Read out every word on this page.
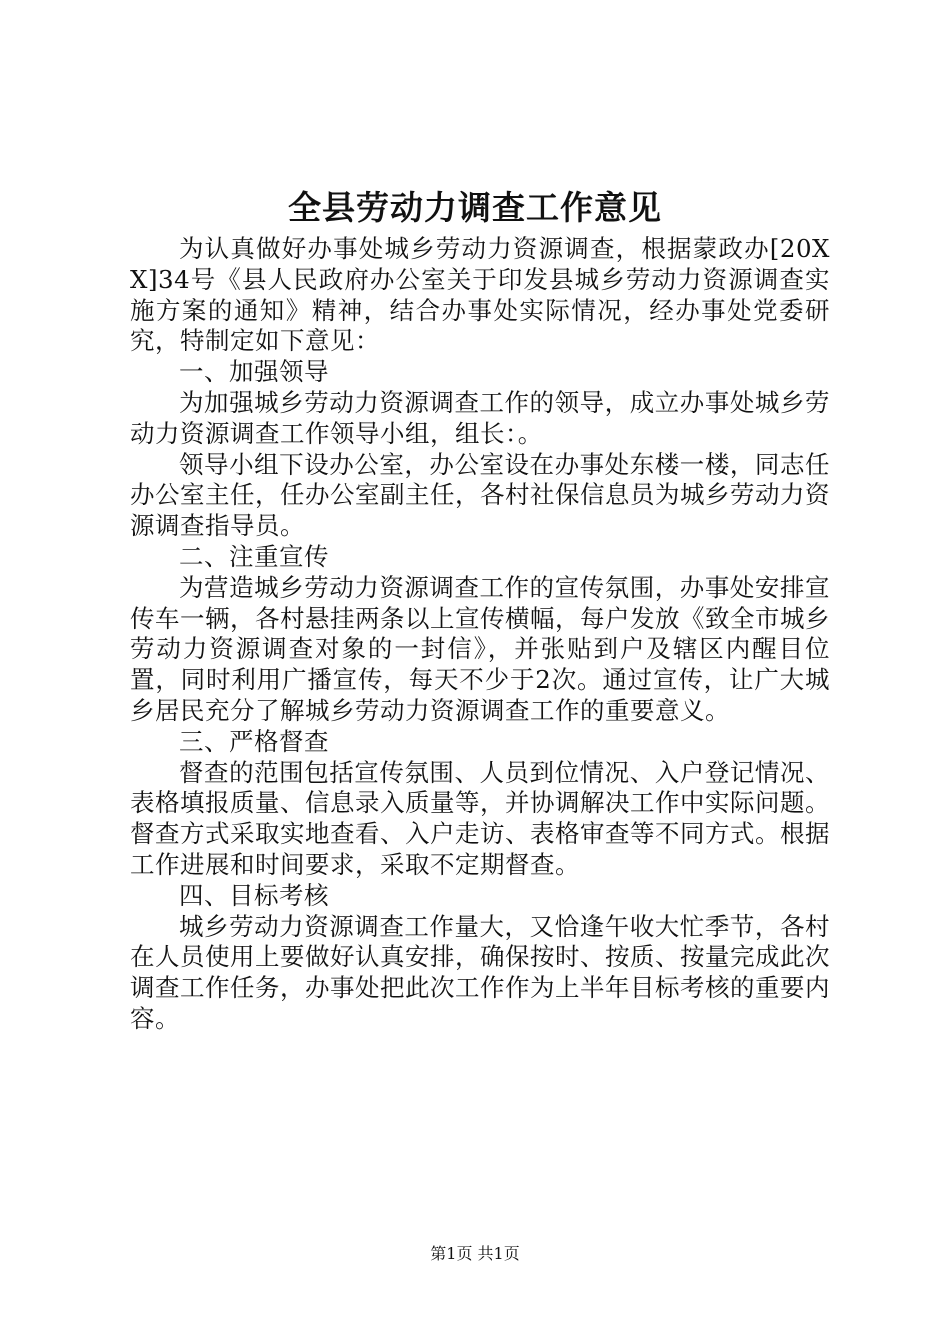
全县劳动力调查工作意见

为认真做好办事处城乡劳动力资源调查，根据蒙政办[20XX]34号《县人民政府办公室关于印发县城乡劳动力资源调查实施方案的通知》精神，结合办事处实际情况，经办事处党委研究，特制定如下意见：

一、加强领导

为加强城乡劳动力资源调查工作的领导，成立办事处城乡劳动力资源调查工作领导小组，组长：。

领导小组下设办公室，办公室设在办事处东楼一楼，同志任办公室主任，任办公室副主任，各村社保信息员为城乡劳动力资源调查指导员。

二、注重宣传

为营造城乡劳动力资源调查工作的宣传氛围，办事处安排宣传车一辆，各村悬挂两条以上宣传横幅，每户发放《致全市城乡劳动力资源调查对象的一封信》，并张贴到户及辖区内醒目位置，同时利用广播宣传，每天不少于2次。通过宣传，让广大城乡居民充分了解城乡劳动力资源调查工作的重要意义。

三、严格督查

督查的范围包括宣传氛围、人员到位情况、入户登记情况、表格填报质量、信息录入质量等，并协调解决工作中实际问题。督查方式采取实地查看、入户走访、表格审查等不同方式。根据工作进展和时间要求，采取不定期督查。

四、目标考核

城乡劳动力资源调查工作量大，又恰逢午收大忙季节，各村在人员使用上要做好认真安排，确保按时、按质、按量完成此次调查工作任务，办事处把此次工作作为上半年目标考核的重要内容。

第1页 共1页
